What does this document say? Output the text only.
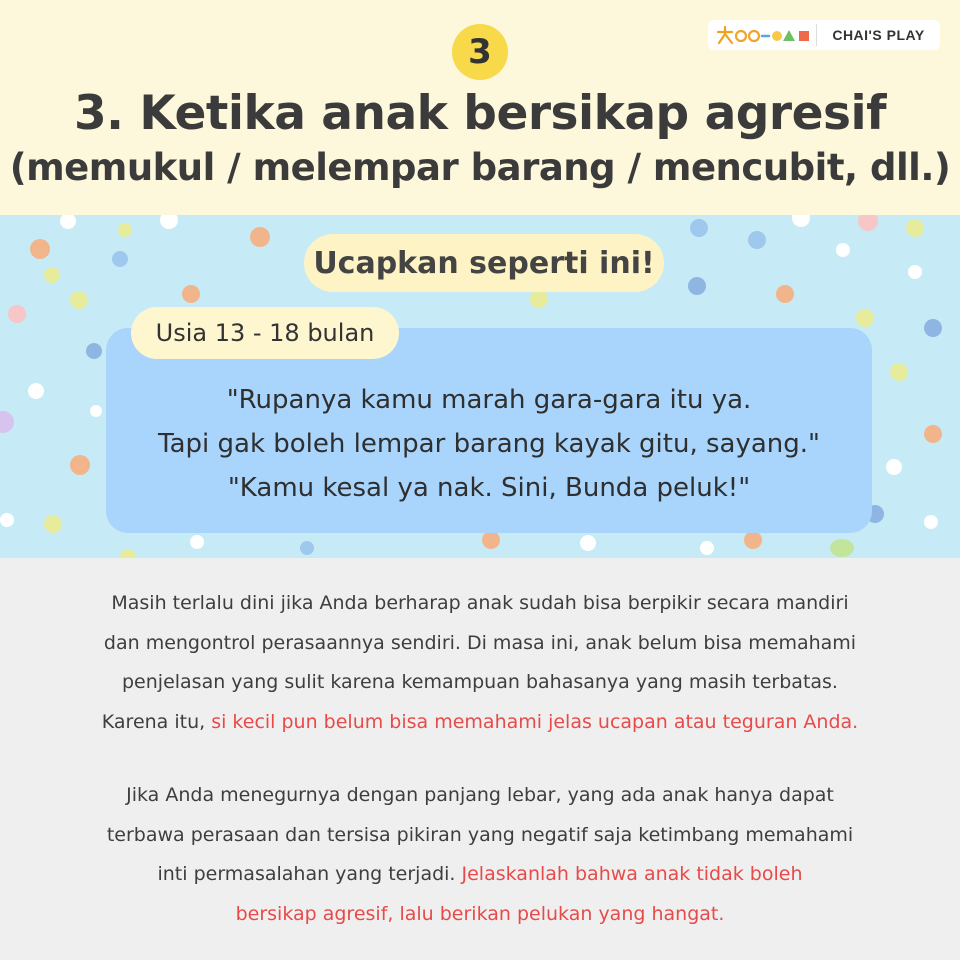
3
3. Ketika anak bersikap agresif
(memukul / melempar barang / mencubit, dll.)
CHAI'S PLAY
Ucapkan seperti ini!
Usia 13 - 18 bulan
"Rupanya kamu marah gara-gara itu ya.
Tapi gak boleh lempar barang kayak gitu, sayang."
"Kamu kesal ya nak. Sini, Bunda peluk!"
Masih terlalu dini jika Anda berharap anak sudah bisa berpikir secara mandiri
dan mengontrol perasaannya sendiri. Di masa ini, anak belum bisa memahami
penjelasan yang sulit karena kemampuan bahasanya yang masih terbatas.
Karena itu, si kecil pun belum bisa memahami jelas ucapan atau teguran Anda.
Jika Anda menegurnya dengan panjang lebar, yang ada anak hanya dapat
terbawa perasaan dan tersisa pikiran yang negatif saja ketimbang memahami
inti permasalahan yang terjadi. Jelaskanlah bahwa anak tidak boleh
bersikap agresif, lalu berikan pelukan yang hangat.
